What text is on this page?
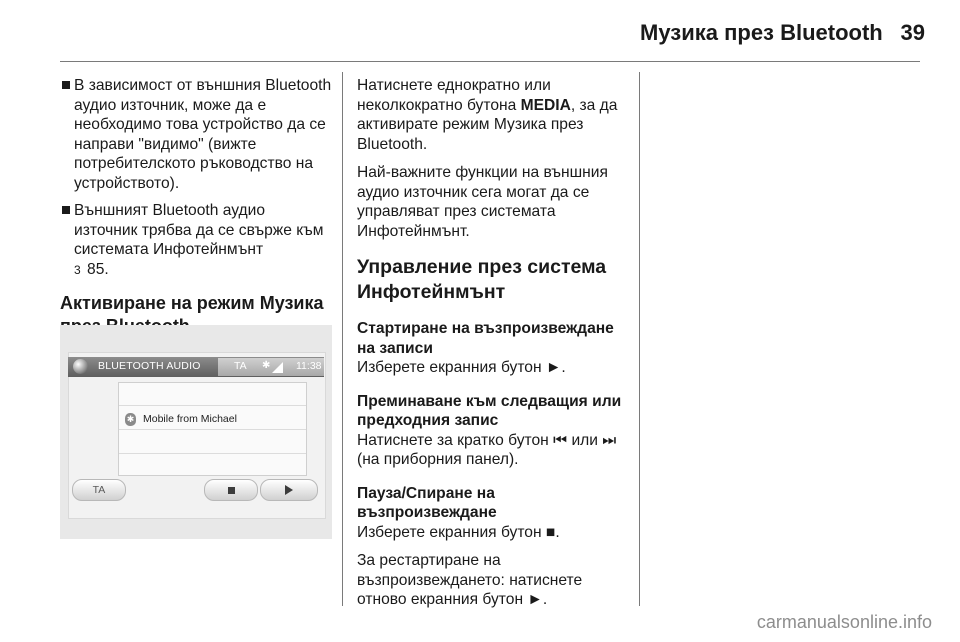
Музика през Bluetooth 39
В зависимост от външния Bluetooth аудио източник, може да е необходимо това устройство да се направи "видимо" (вижте потребителското ръководство на устройството).
Външният Bluetooth аудио източник трябва да се свърже към системата Инфотейнмънт
3 85.
Активиране на режим Музика
BLUETOOTH AUDIO	TA ✱ 11:38
✱ Mobile from Michael
TA

Натиснете еднократно или неколкократно бутона MEDIA, за да активирате режим Музика през Bluetooth.

Най-важните функции на външния аудио източник сега могат да се управляват през системата Инфотейнмънт.

Управление през система Инфотейнмънт
Стартиране на възпроизвеждане на записи

Изберете екранния бутон ►.

Преминаване към следващия или предходния запис

Натиснете за кратко бутон ⏮ или ⏭ (на приборния панел).

Пауза/Спиране на възпроизвеждане

Изберете екранния бутон ■.

За рестартиране на възпроизвеждането: натиснете отново екранния бутон ►.

carmanualsonline.info
